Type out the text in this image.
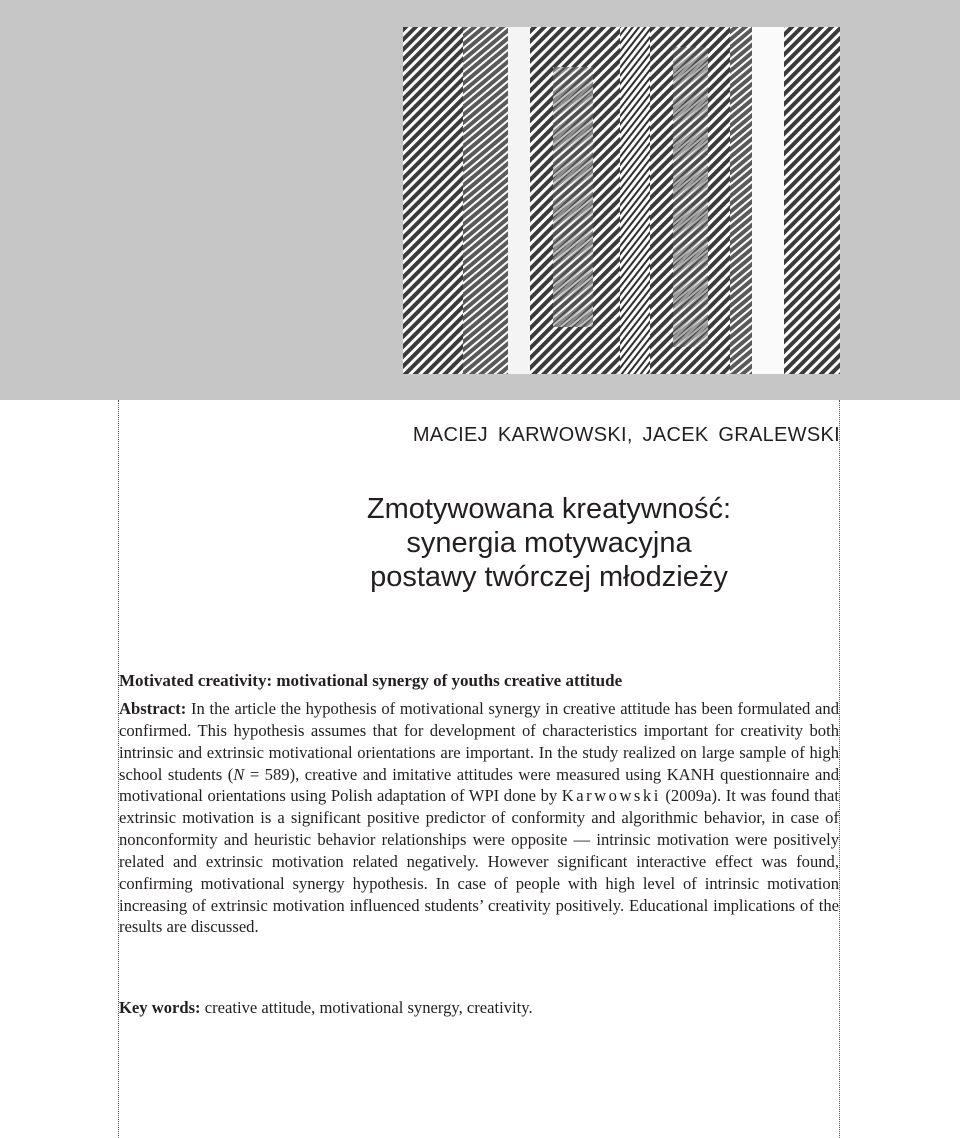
MACIEJ KARWOWSKI, JACEK GRALEWSKI
Zmotywowana kreatywność:
synergia motywacyjna
postawy twórczej młodzieży
Motivated creativity: motivational synergy of youths creative attitude
Abstract: In the article the hypothesis of motivational synergy in creative attitude has been formulated and confirmed. This hypothesis assumes that for development of characteristics important for creativity both intrinsic and extrinsic motivational orientations are important. In the study realized on large sample of high school students (N = 589), creative and imitative attitudes were measured using KANH questionnaire and motivational orientations using Polish adaptation of WPI done by Karwowski (2009a). It was found that extrinsic motivation is a significant positive predictor of conformity and algorithmic behavior, in case of nonconformity and heuristic behavior relationships were opposite — intrinsic motivation were positively related and extrinsic motivation related negatively. However significant interactive effect was found, confirming motivational synergy hypothesis. In case of people with high level of intrinsic motivation increasing of extrinsic motivation influenced students’ creativity positively. Educational implications of the results are discussed.
Key words: creative attitude, motivational synergy, creativity.
